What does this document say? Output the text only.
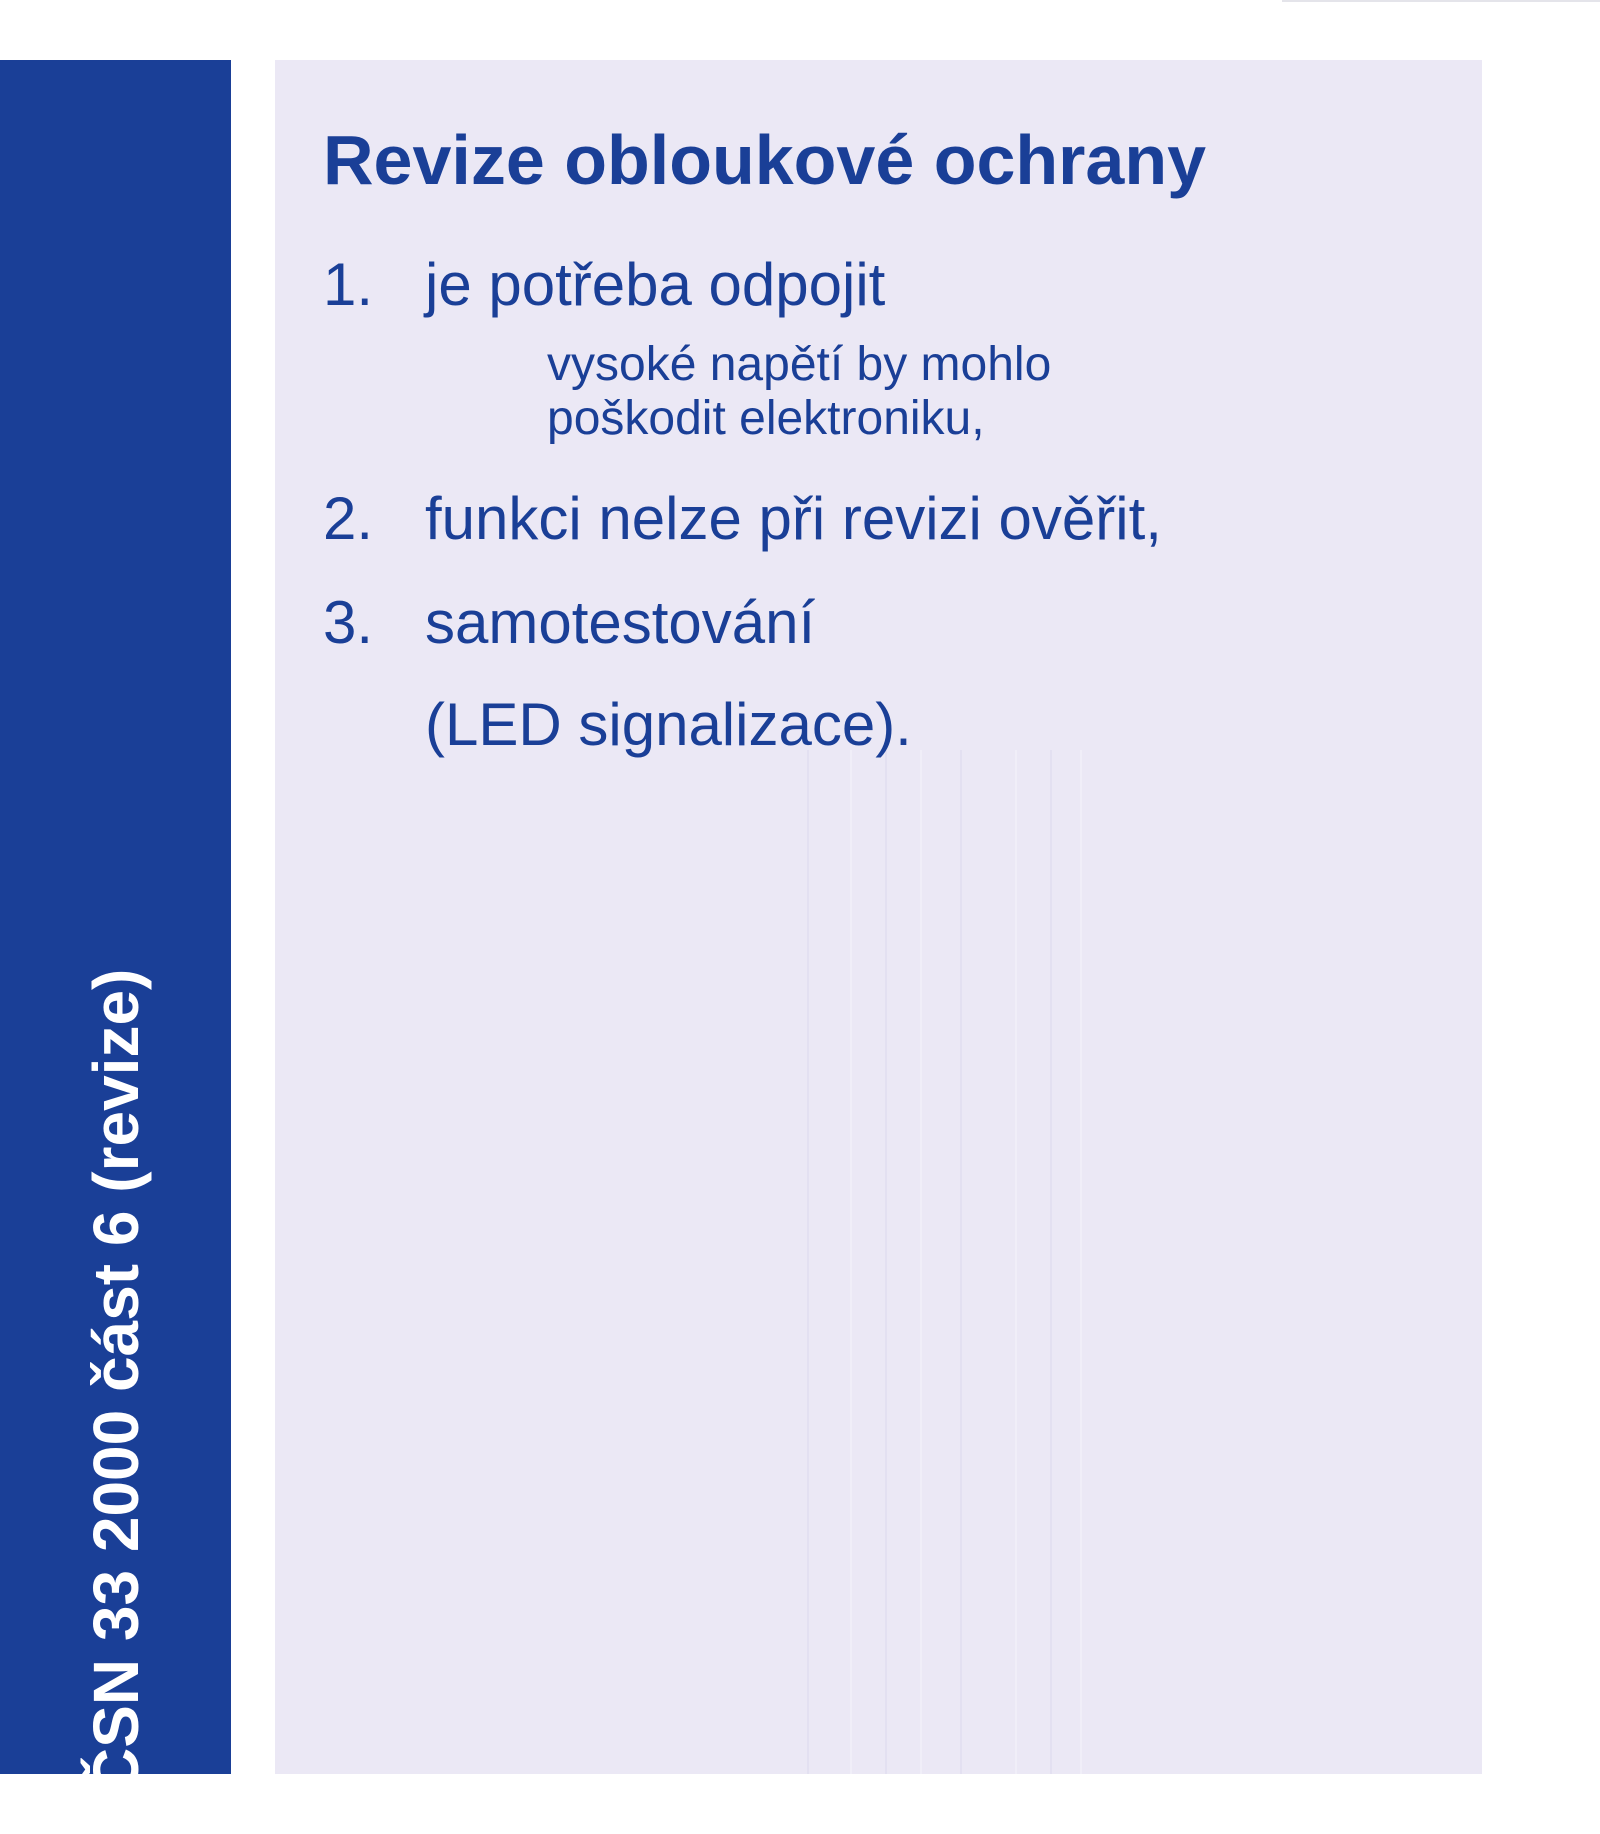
ČSN 33 2000 část 6 (revize)
Revize obloukové ochrany
1. je potřeba odpojit
vysoké napětí by mohlo
poškodit elektroniku,
2. funkci nelze při revizi ověřit,
3. samotestování
(LED signalizace).
